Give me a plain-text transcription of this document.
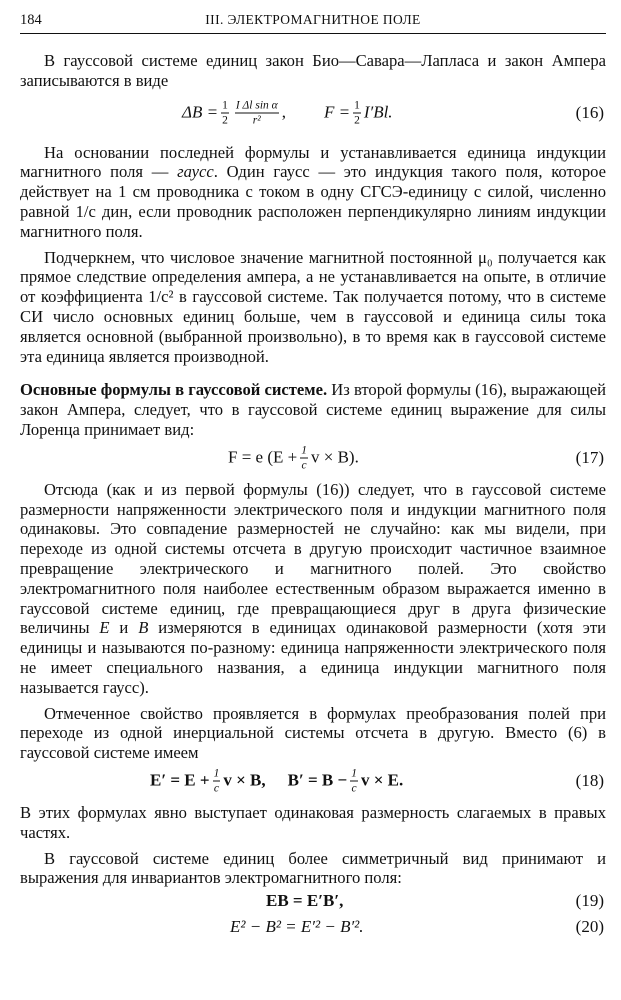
184	III. ЭЛЕКТРОМАГНИТНОЕ ПОЛЕ

В гауссовой системе единиц закон Био—Савара—Лапласа и закон Ампера записываются в виде

$\Delta B = \frac{1}{2} \frac{\text{I Δl sin α}}{\text{r²}}$ , $F = \frac{1}{2} I'Bl$.	(16)

На основании последней формулы и устанавливается единица индукции магнитного поля — гаусс. Один гаусс — это индукция такого поля, которое действует на 1 см проводника с током в одну СГСЭ-единицу с силой, численно равной 1/c дин, если проводник расположен перпендикулярно линиям индукции магнитного поля.

Подчеркнем, что числовое значение магнитной постоянной μ₀ получается как прямое следствие определения ампера, а не устанавливается на опыте, в отличие от коэффициента 1/c² в гауссовой системе. Так получается потому, что в системе СИ число основных единиц больше, чем в гауссовой и единица силы тока является основной (выбранной произвольно), в то время как в гауссовой системе эта единица является производной.

Основные формулы в гауссовой системе. Из второй формулы (16), выражающей закон Ампера, следует, что в гауссовой системе единиц выражение для силы Лоренца принимает вид:

F = e ($E + \frac{1}{c}$ v × B).	(17)

Отсюда (как и из первой формулы (16)) следует, что в гауссовой системе размерности напряженности электрического поля и индукции магнитного поля одинаковы. Это совпадение размерностей не случайно: как мы видели, при переходе из одной системы отсчета в другую происходит частичное взаимное превращение электрического и магнитного полей. Это свойство электромагнитного поля наиболее естественным образом выражается именно в гауссовой системе единиц, где превращающиеся друг в друга физические величины E и B измеряются в единицах одинаковой размерности (хотя эти единицы и называются по-разному: единица напряженности электрического поля не имеет специального названия, а единица индукции магнитного поля называется гаусс).

Отмеченное свойство проявляется в формулах преобразования полей при переходе из одной инерциальной системы отсчета в другую. Вместо (6) в гауссовой системе имеем

$E' = E + \frac{1}{c}$ v × B, $B' = B - \frac{1}{c}$ v × E.	(18)

В этих формулах явно выступает одинаковая размерность слагаемых в правых частях.

В гауссовой системе единиц более симметричный вид принимают и выражения для инвариантов электромагнитного поля:

EB = E′B′,	(19)
E² − B² = E′² − B′².	(20)
